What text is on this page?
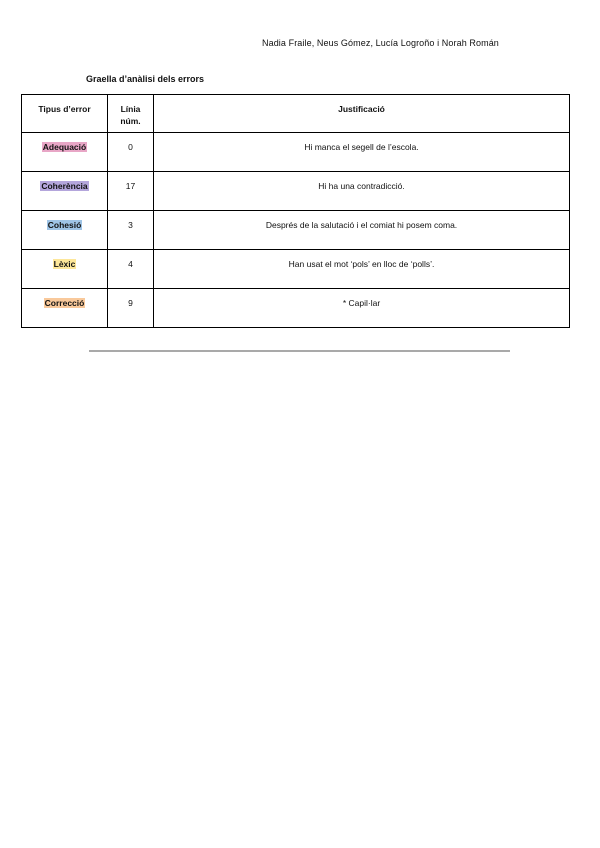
Nadia Fraile, Neus Gómez, Lucía Logroño i Norah Román
Graella d’anàlisi dels errors
Tipus d’error	Línia núm.	Justificació
Adequació	0	Hi manca el segell de l’escola.
Coherència	17	Hi ha una contradicció.
Cohesió	3	Després de la salutació i el comiat hi posem coma.
Lèxic	4	Han usat el mot ‘pols’ en lloc de ‘polls’.
Correcció	9	* Capil·lar
